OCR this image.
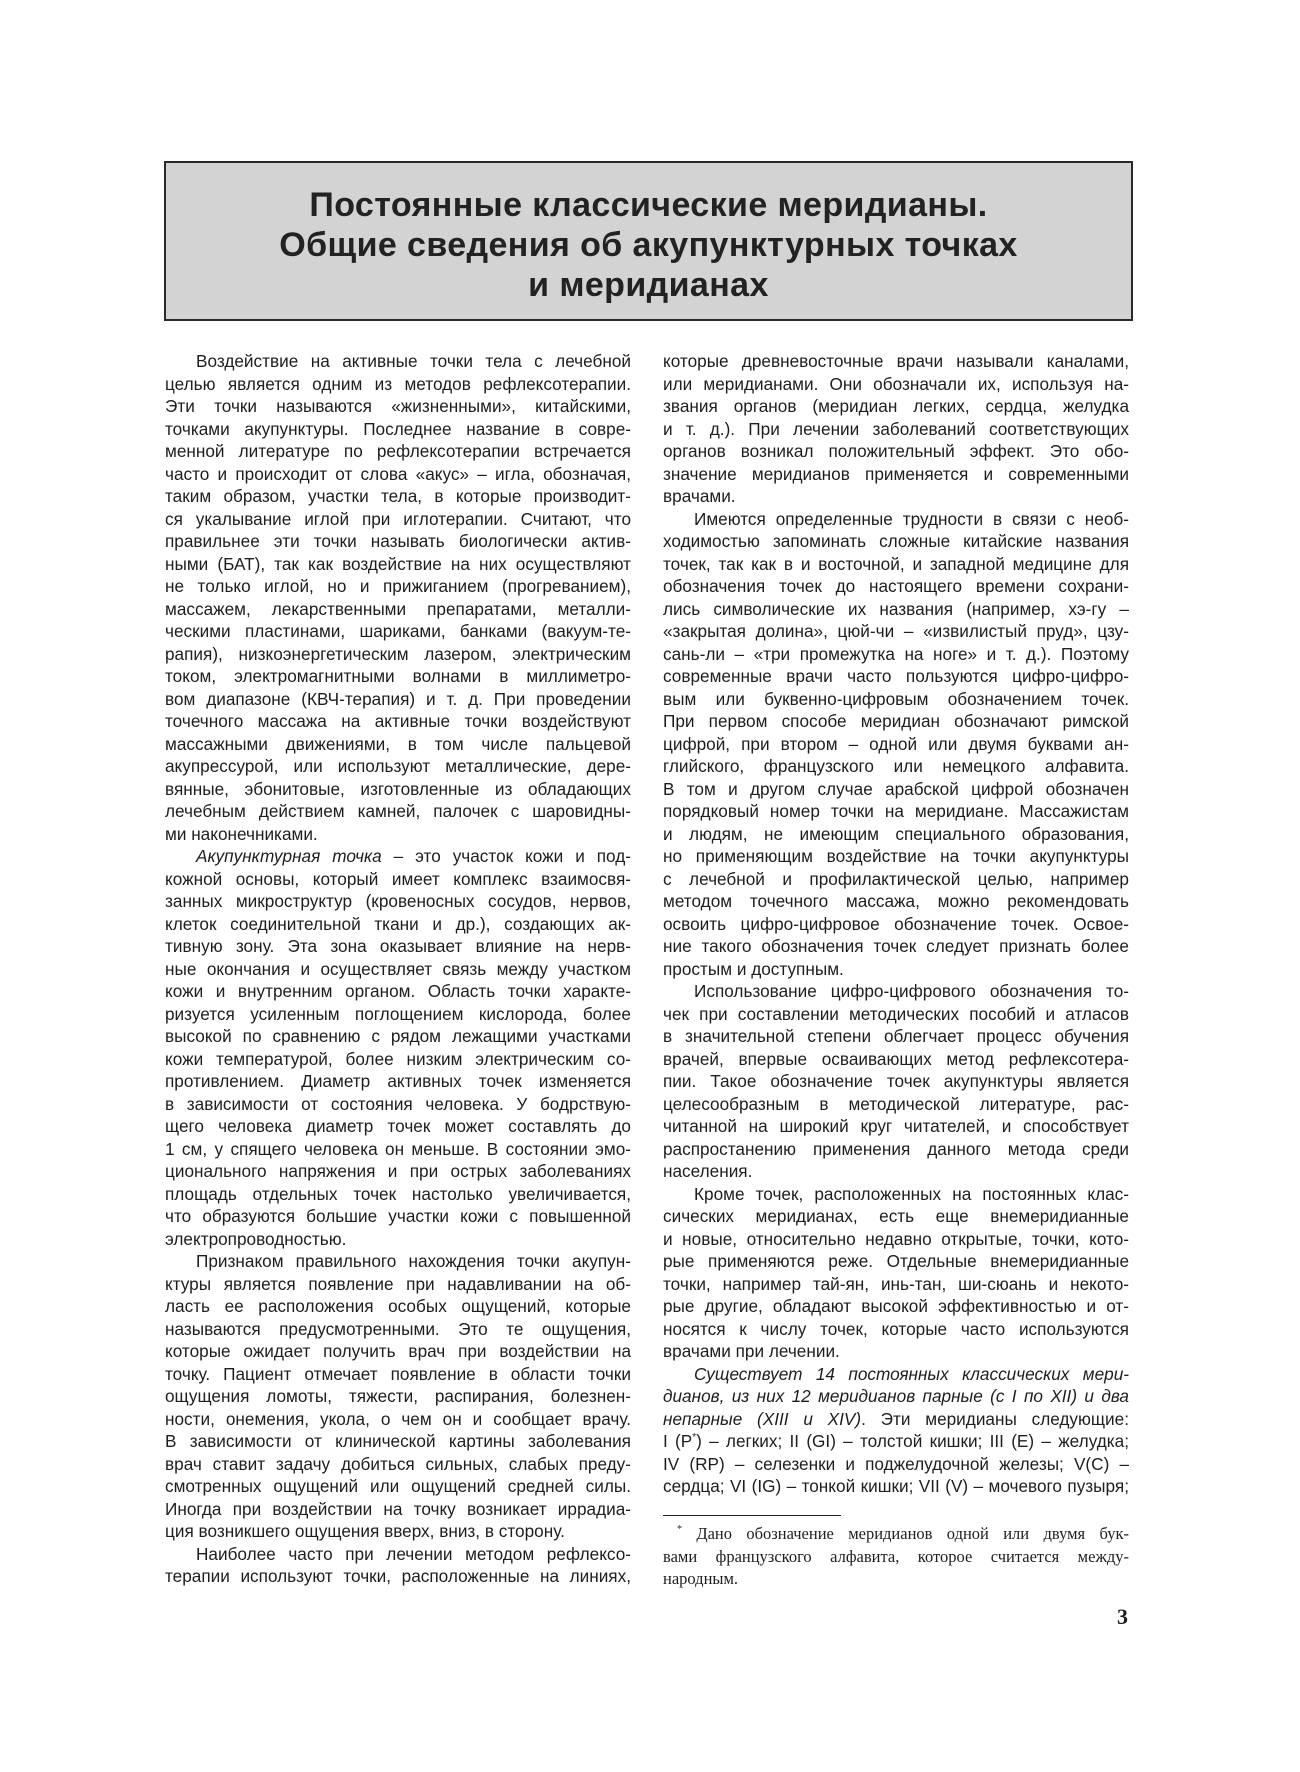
Постоянные классические меридианы.
Общие сведения об акупунктурных точках
и меридианах
Воздействие на активные точки тела с лечебной
целью является одним из методов рефлексотерапии.
Эти точки называются «жизненными», китайскими,
точками акупунктуры. Последнее название в совре-
менной литературе по рефлексотерапии встречается
часто и происходит от слова «акус» – игла, обозначая,
таким образом, участки тела, в которые производит-
ся укалывание иглой при иглотерапии. Считают, что
правильнее эти точки называть биологически актив-
ными (БАТ), так как воздействие на них осуществляют
не только иглой, но и прижиганием (прогреванием),
массажем, лекарственными препаратами, металли-
ческими пластинами, шариками, банками (вакуум-те-
рапия), низкоэнергетическим лазером, электрическим
током, электромагнитными волнами в миллиметро-
вом диапазоне (КВЧ-терапия) и т. д. При проведении
точечного массажа на активные точки воздействуют
массажными движениями, в том числе пальцевой
акупрессурой, или используют металлические, дере-
вянные, эбонитовые, изготовленные из обладающих
лечебным действием камней, палочек с шаровидны-
ми наконечниками.
Акупунктурная точка – это участок кожи и под-
кожной основы, который имеет комплекс взаимосвя-
занных микроструктур (кровеносных сосудов, нервов,
клеток соединительной ткани и др.), создающих ак-
тивную зону. Эта зона оказывает влияние на нерв-
ные окончания и осуществляет связь между участком
кожи и внутренним органом. Область точки характе-
ризуется усиленным поглощением кислорода, более
высокой по сравнению с рядом лежащими участками
кожи температурой, более низким электрическим со-
противлением. Диаметр активных точек изменяется
в зависимости от состояния человека. У бодрствую-
щего человека диаметр точек может составлять до
1 см, у спящего человека он меньше. В состоянии эмо-
ционального напряжения и при острых заболеваниях
площадь отдельных точек настолько увеличивается,
что образуются большие участки кожи с повышенной
электропроводностью.
Признаком правильного нахождения точки акупун-
ктуры является появление при надавливании на об-
ласть ее расположения особых ощущений, которые
называются предусмотренными. Это те ощущения,
которые ожидает получить врач при воздействии на
точку. Пациент отмечает появление в области точки
ощущения ломоты, тяжести, распирания, болезнен-
ности, онемения, укола, о чем он и сообщает врачу.
В зависимости от клинической картины заболевания
врач ставит задачу добиться сильных, слабых преду-
смотренных ощущений или ощущений средней силы.
Иногда при воздействии на точку возникает иррадиа-
ция возникшего ощущения вверх, вниз, в сторону.
Наиболее часто при лечении методом рефлексо-
терапии используют точки, расположенные на линиях,
которые древневосточные врачи называли каналами,
или меридианами. Они обозначали их, используя на-
звания органов (меридиан легких, сердца, желудка
и т. д.). При лечении заболеваний соответствующих
органов возникал положительный эффект. Это обо-
значение меридианов применяется и современными
врачами.
Имеются определенные трудности в связи с необ-
ходимостью запоминать сложные китайские названия
точек, так как в и восточной, и западной медицине для
обозначения точек до настоящего времени сохрани-
лись символические их названия (например, хэ-гу –
«закрытая долина», цюй-чи – «извилистый пруд», цзу-
сань-ли – «три промежутка на ноге» и т. д.). Поэтому
современные врачи часто пользуются цифро-цифро-
вым или буквенно-цифровым обозначением точек.
При первом способе меридиан обозначают римской
цифрой, при втором – одной или двумя буквами ан-
глийского, французского или немецкого алфавита.
В том и другом случае арабской цифрой обозначен
порядковый номер точки на меридиане. Массажистам
и людям, не имеющим специального образования,
но применяющим воздействие на точки акупунктуры
с лечебной и профилактической целью, например
методом точечного массажа, можно рекомендовать
освоить цифро-цифровое обозначение точек. Освое-
ние такого обозначения точек следует признать более
простым и доступным.
Использование цифро-цифрового обозначения то-
чек при составлении методических пособий и атласов
в значительной степени облегчает процесс обучения
врачей, впервые осваивающих метод рефлексотера-
пии. Такое обозначение точек акупунктуры является
целесообразным в методической литературе, рас-
читанной на широкий круг читателей, и способствует
распростанению применения данного метода среди
населения.
Кроме точек, расположенных на постоянных клас-
сических меридианах, есть еще внемеридианные
и новые, относительно недавно открытые, точки, кото-
рые применяются реже. Отдельные внемеридианные
точки, например тай-ян, инь-тан, ши-сюань и некото-
рые другие, обладают высокой эффективностью и от-
носятся к числу точек, которые часто используются
врачами при лечении.
Существует 14 постоянных классических мери-
дианов, из них 12 меридианов парные (с I по XII) и два
непарные (XIII и XIV). Эти меридианы следующие:
I (P*) – легких; II (GI) – толстой кишки; III (E) – желудка;
IV (RP) – селезенки и поджелудочной железы; V(C) –
сердца; VI (IG) – тонкой кишки; VII (V) – мочевого пузыря;
* Дано обозначение меридианов одной или двумя бук-
вами французского алфавита, которое считается между-
народным.
3
